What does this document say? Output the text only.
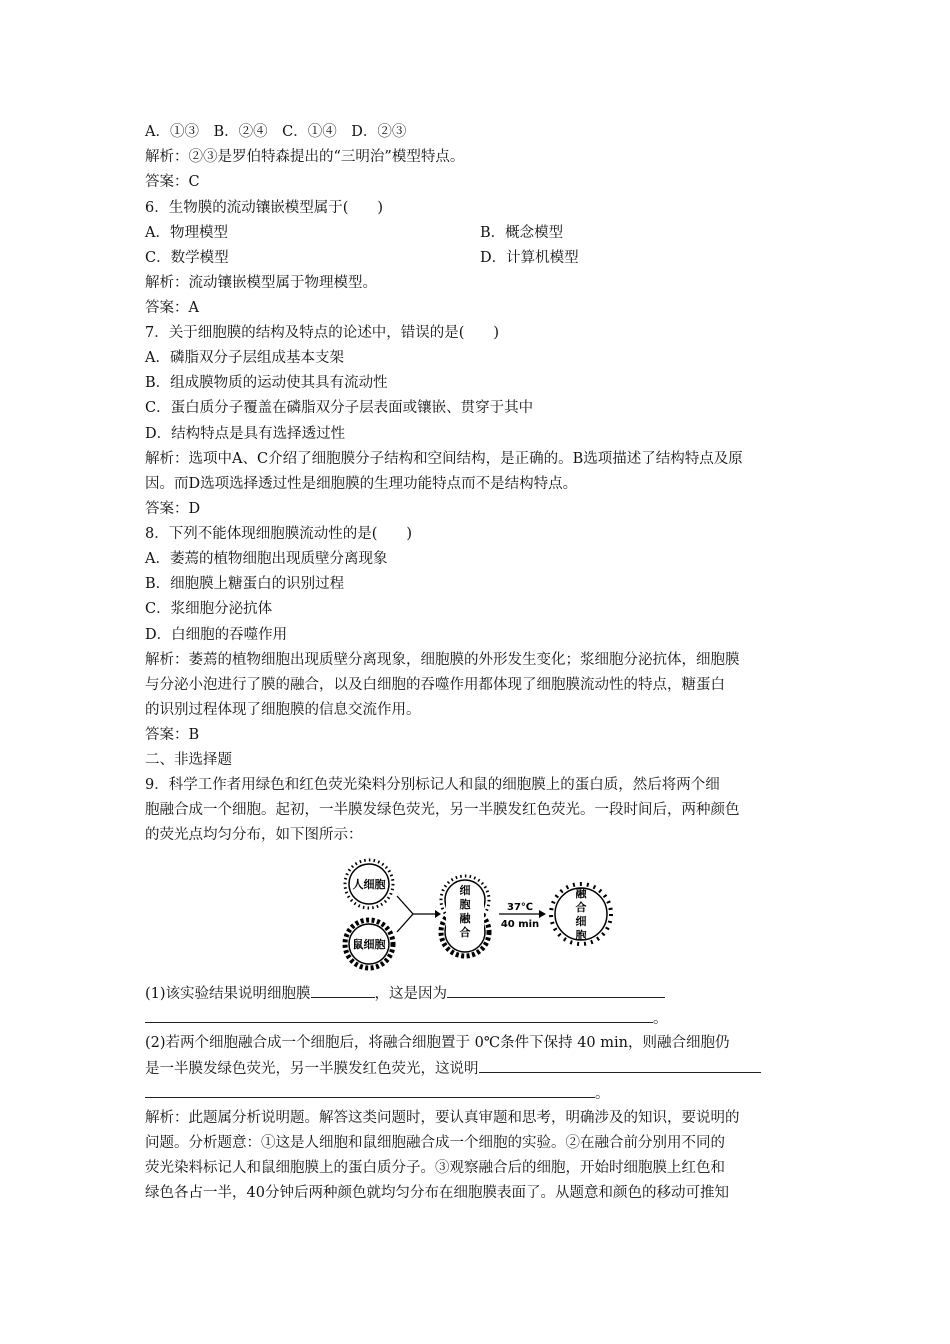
A．①③　B．②④　C．①④　D．②③
解析：②③是罗伯特森提出的“三明治”模型特点。
答案：C
6．生物膜的流动镶嵌模型属于(　　)
A．物理模型	B．概念模型
C．数学模型	D．计算机模型
解析：流动镶嵌模型属于物理模型。
答案：A
7．关于细胞膜的结构及特点的论述中，错误的是(　　)
A．磷脂双分子层组成基本支架
B．组成膜物质的运动使其具有流动性
C．蛋白质分子覆盖在磷脂双分子层表面或镶嵌、贯穿于其中
D．结构特点是具有选择透过性
解析：选项中A、C介绍了细胞膜分子结构和空间结构，是正确的。B选项描述了结构特点及原
因。而D选项选择透过性是细胞膜的生理功能特点而不是结构特点。
答案：D
8．下列不能体现细胞膜流动性的是(　　)
A．萎蔫的植物细胞出现质壁分离现象
B．细胞膜上糖蛋白的识别过程
C．浆细胞分泌抗体
D．白细胞的吞噬作用
解析：萎蔫的植物细胞出现质壁分离现象，细胞膜的外形发生变化；浆细胞分泌抗体，细胞膜
与分泌小泡进行了膜的融合，以及白细胞的吞噬作用都体现了细胞膜流动性的特点，糖蛋白
的识别过程体现了细胞膜的信息交流作用。
答案：B
二、非选择题
9．科学工作者用绿色和红色荧光染料分别标记人和鼠的细胞膜上的蛋白质，然后将两个细
胞融合成一个细胞。起初，一半膜发绿色荧光，另一半膜发红色荧光。一段时间后，两种颜色
的荧光点均匀分布，如下图所示：
人细胞
鼠细胞
细
胞
融
合
37℃
40 min
融
合
细
胞
(1)该实验结果说明细胞膜	，这是因为
。
(2)若两个细胞融合成一个细胞后，将融合细胞置于 0℃条件下保持 40 min，则融合细胞仍
是一半膜发绿色荧光，另一半膜发红色荧光，这说明
。
解析：此题属分析说明题。解答这类问题时，要认真审题和思考，明确涉及的知识，要说明的
问题。分析题意：①这是人细胞和鼠细胞融合成一个细胞的实验。②在融合前分别用不同的
荧光染料标记人和鼠细胞膜上的蛋白质分子。③观察融合后的细胞，开始时细胞膜上红色和
绿色各占一半，40分钟后两种颜色就均匀分布在细胞膜表面了。从题意和颜色的移动可推知
